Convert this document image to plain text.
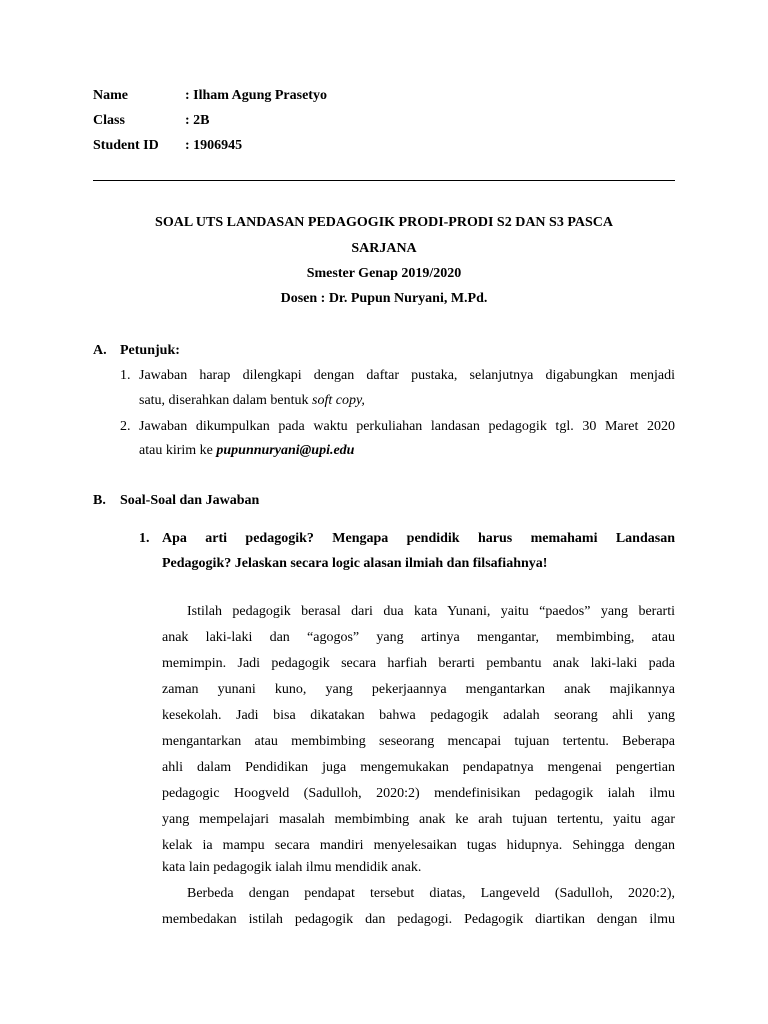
Name	: Ilham Agung Prasetyo
Class	: 2B
Student ID : 1906945
SOAL UTS LANDASAN PEDAGOGIK PRODI-PRODI S2 DAN S3 PASCA
SARJANA
Smester Genap 2019/2020
Dosen : Dr. Pupun Nuryani, M.Pd.
A. Petunjuk:
1. Jawaban harap dilengkapi dengan daftar pustaka, selanjutnya digabungkan menjadi
satu, diserahkan dalam bentuk soft copy,
2. Jawaban dikumpulkan pada waktu perkuliahan landasan pedagogik tgl. 30 Maret 2020
atau kirim ke pupunnuryani@upi.edu
B. Soal-Soal dan Jawaban
1. Apa arti pedagogik? Mengapa pendidik harus memahami Landasan
Pedagogik? Jelaskan secara logic alasan ilmiah dan filsafiahnya!
Istilah pedagogik berasal dari dua kata Yunani, yaitu “paedos” yang berarti
anak laki-laki dan “agogos” yang artinya mengantar, membimbing, atau
memimpin. Jadi pedagogik secara harfiah berarti pembantu anak laki-laki pada
zaman yunani kuno, yang pekerjaannya mengantarkan anak majikannya
kesekolah. Jadi bisa dikatakan bahwa pedagogik adalah seorang ahli yang
mengantarkan atau membimbing seseorang mencapai tujuan tertentu. Beberapa
ahli dalam Pendidikan juga mengemukakan pendapatnya mengenai pengertian
pedagogic Hoogveld (Sadulloh, 2020:2) mendefinisikan pedagogik ialah ilmu
yang mempelajari masalah membimbing anak ke arah tujuan tertentu, yaitu agar
kelak ia mampu secara mandiri menyelesaikan tugas hidupnya. Sehingga dengan
kata lain pedagogik ialah ilmu mendidik anak.
Berbeda dengan pendapat tersebut diatas, Langeveld (Sadulloh, 2020:2),
membedakan istilah pedagogik dan pedagogi. Pedagogik diartikan dengan ilmu
